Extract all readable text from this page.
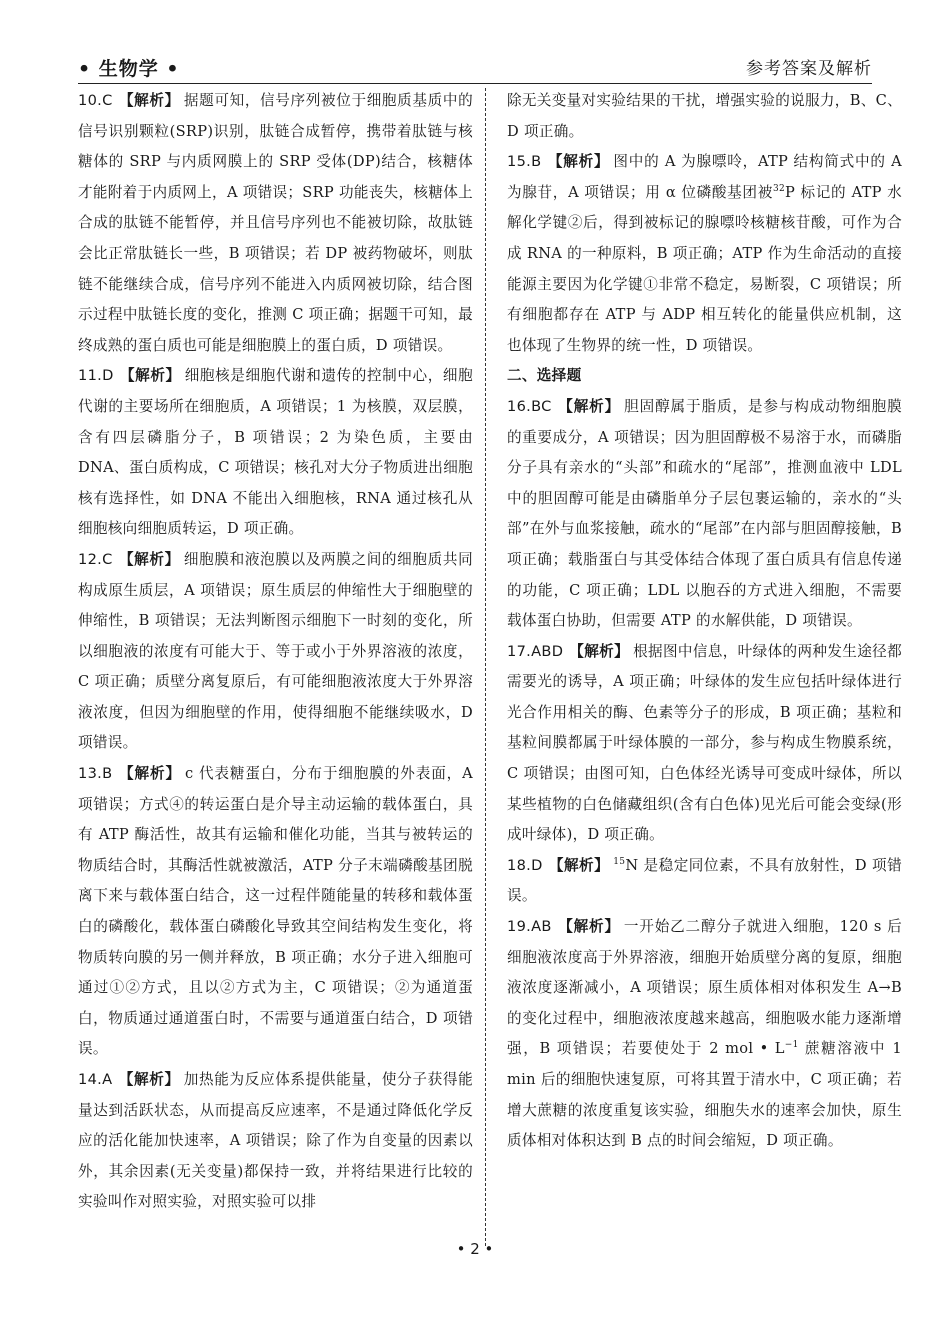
• 生物学 •	参考答案及解析

10.C 【解析】 据题可知，信号序列被位于细胞质基质中的信号识别颗粒(SRP)识别，肽链合成暂停，携带着肽链与核糖体的 SRP 与内质网膜上的 SRP 受体(DP)结合，核糖体才能附着于内质网上，A 项错误；SRP 功能丧失，核糖体上合成的肽链不能暂停，并且信号序列也不能被切除，故肽链会比正常肽链长一些，B 项错误；若 DP 被药物破坏，则肽链不能继续合成，信号序列不能进入内质网被切除，结合图示过程中肽链长度的变化，推测 C 项正确；据题干可知，最终成熟的蛋白质也可能是细胞膜上的蛋白质，D 项错误。

11.D 【解析】 细胞核是细胞代谢和遗传的控制中心，细胞代谢的主要场所在细胞质，A 项错误；1 为核膜，双层膜，含有四层磷脂分子，B 项错误；2 为染色质，主要由 DNA、蛋白质构成，C 项错误；核孔对大分子物质进出细胞核有选择性，如 DNA 不能出入细胞核，RNA 通过核孔从细胞核向细胞质转运，D 项正确。

12.C 【解析】 细胞膜和液泡膜以及两膜之间的细胞质共同构成原生质层，A 项错误；原生质层的伸缩性大于细胞壁的伸缩性，B 项错误；无法判断图示细胞下一时刻的变化，所以细胞液的浓度有可能大于、等于或小于外界溶液的浓度，C 项正确；质壁分离复原后，有可能细胞液浓度大于外界溶液浓度，但因为细胞壁的作用，使得细胞不能继续吸水，D 项错误。

13.B 【解析】 c 代表糖蛋白，分布于细胞膜的外表面，A 项错误；方式④的转运蛋白是介导主动运输的载体蛋白，具有 ATP 酶活性，故其有运输和催化功能，当其与被转运的物质结合时，其酶活性就被激活，ATP 分子末端磷酸基团脱离下来与载体蛋白结合，这一过程伴随能量的转移和载体蛋白的磷酸化，载体蛋白磷酸化导致其空间结构发生变化，将物质转向膜的另一侧并释放，B 项正确；水分子进入细胞可通过①②方式，且以②方式为主，C 项错误；②为通道蛋白，物质通过通道蛋白时，不需要与通道蛋白结合，D 项错误。

14.A 【解析】 加热能为反应体系提供能量，使分子获得能量达到活跃状态，从而提高反应速率，不是通过降低化学反应的活化能加快速率，A 项错误；除了作为自变量的因素以外，其余因素(无关变量)都保持一致，并将结果进行比较的实验叫作对照实验，对照实验可以排

除无关变量对实验结果的干扰，增强实验的说服力，B、C、D 项正确。

15.B 【解析】 图中的 A 为腺嘌呤，ATP 结构简式中的 A 为腺苷，A 项错误；用 α 位磷酸基团被$^{32}$P 标记的 ATP 水解化学键②后，得到被标记的腺嘌呤核糖核苷酸，可作为合成 RNA 的一种原料，B 项正确；ATP 作为生命活动的直接能源主要因为化学键①非常不稳定，易断裂，C 项错误；所有细胞都存在 ATP 与 ADP 相互转化的能量供应机制，这也体现了生物界的统一性，D 项错误。

二、选择题

16.BC 【解析】 胆固醇属于脂质，是参与构成动物细胞膜的重要成分，A 项错误；因为胆固醇极不易溶于水，而磷脂分子具有亲水的“头部”和疏水的“尾部”，推测血液中 LDL 中的胆固醇可能是由磷脂单分子层包裹运输的，亲水的“头部”在外与血浆接触，疏水的“尾部”在内部与胆固醇接触，B 项正确；载脂蛋白与其受体结合体现了蛋白质具有信息传递的功能，C 项正确；LDL 以胞吞的方式进入细胞，不需要载体蛋白协助，但需要 ATP 的水解供能，D 项错误。

17.ABD 【解析】 根据图中信息，叶绿体的两种发生途径都需要光的诱导，A 项正确；叶绿体的发生应包括叶绿体进行光合作用相关的酶、色素等分子的形成，B 项正确；基粒和基粒间膜都属于叶绿体膜的一部分，参与构成生物膜系统，C 项错误；由图可知，白色体经光诱导可变成叶绿体，所以某些植物的白色储藏组织(含有白色体)见光后可能会变绿(形成叶绿体)，D 项正确。

18.D 【解析】 $^{15}$N 是稳定同位素，不具有放射性，D 项错误。

19.AB 【解析】 一开始乙二醇分子就进入细胞，120 s 后细胞液浓度高于外界溶液，细胞开始质壁分离的复原，细胞液浓度逐渐减小，A 项错误；原生质体相对体积发生 A→B 的变化过程中，细胞液浓度越来越高，细胞吸水能力逐渐增强，B 项错误；若要使处于 2 mol • $L^{-1}$ 蔗糖溶液中 1 min 后的细胞快速复原，可将其置于清水中，C 项正确；若增大蔗糖的浓度重复该实验，细胞失水的速率会加快，原生质体相对体积达到 B 点的时间会缩短，D 项正确。

• 2 •
